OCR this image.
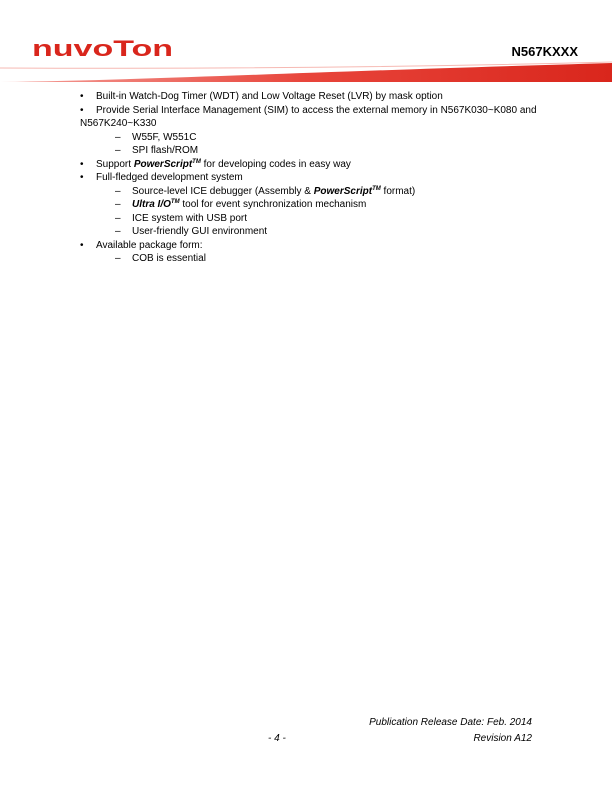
nuvoTon	N567KXXX

•	Built-in Watch-Dog Timer (WDT) and Low Voltage Reset (LVR) by mask option

•	Provide Serial Interface Management (SIM) to access the external memory in N567K030~K080 and N567K240~K330

– W55F, W551C

– SPI flash/ROM

•	Support PowerScript™ for developing codes in easy way

•	Full-fledged development system

– Source-level ICE debugger (Assembly & PowerScript™ format)

– Ultra I/O™ tool for event synchronization mechanism

– ICE system with USB port

– User-friendly GUI environment

•	Available package form:

– COB is essential

Publication Release Date: Feb. 2014
- 4 -	Revision A12
